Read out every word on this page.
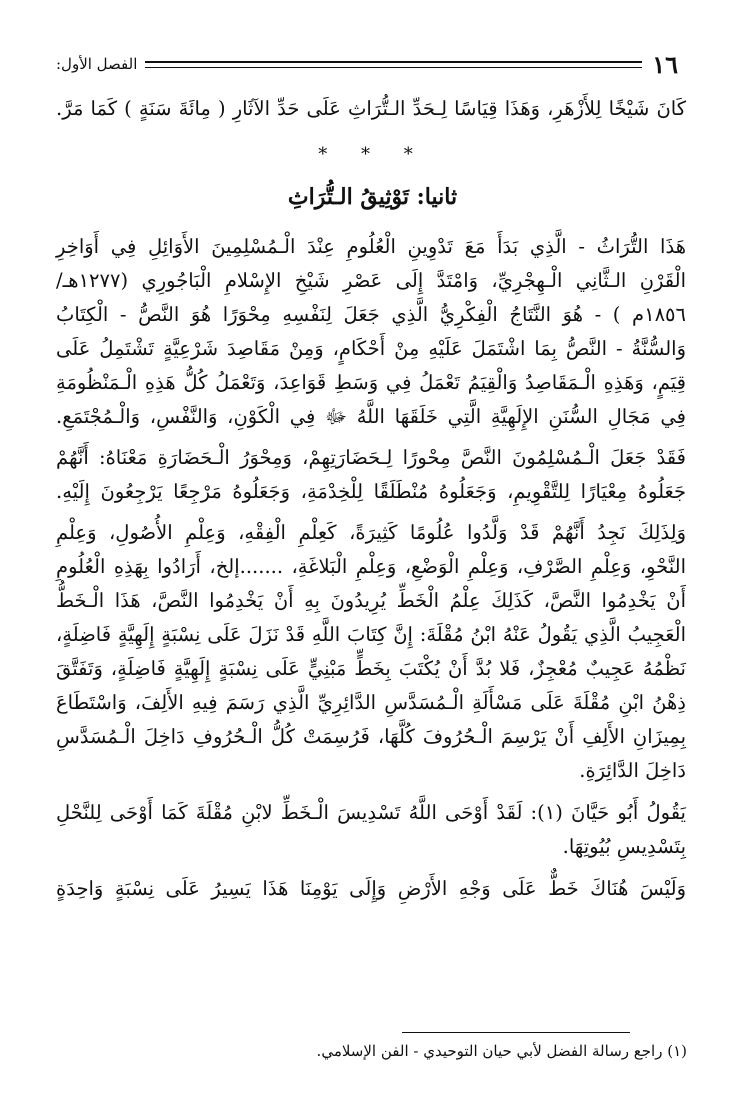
١٦
الفصل الأول:
كَانَ شَيْخًا لِلأَزْهَرِ، وَهَذَا قِيَاسًا لِـحَدِّ الـتُّرَاثِ عَلَى حَدِّ الآثَارِ ( مِائَةَ سَنَةٍ ) كَمَا مَرَّ.
هَذَا التُّرَاثُ - الَّذِي بَدَأَ مَعَ تَدْوِينِ الْعُلُومِ عِنْدَ الْـمُسْلِمِينَ الأَوَائِلِ فِي أَوَاخِرِ
الْقَرْنِ الـثَّانِي الْـهِجْرِيِّ، وَامْتَدَّ إِلَى عَصْرِ شَيْخِ الإِسْلامِ الْبَاجُورِي (١٢٧٧هـ/
١٨٥٦م ) - هُوَ النَّتَاجُ الْفِكْرِيُّ الَّذِي جَعَلَ لِنَفْسِهِ مِحْوَرًا هُوَ النَّصُّ - الْكِتَابُ
وَالسُّنَّةُ - النَّصُّ بِمَا اشْتَمَلَ عَلَيْهِ مِنْ أَحْكَامٍ، وَمِنْ مَقَاصِدَ شَرْعِيَّةٍ تَشْتَمِلُ عَلَى
قِيَمٍ، وَهَذِهِ الْـمَقَاصِدُ وَالْقِيَمُ تَعْمَلُ فِي وَسَطِ قَوَاعِدَ، وَتَعْمَلُ كُلُّ هَذِهِ الْـمَنْظُومَةِ
فِي مَجَالِ السُّنَنِ الإِلَهِيَّةِ الَّتِي خَلَقَهَا اللَّهُ ﷻ فِي الْكَوْنِ، وَالنَّفْسِ، وَالْـمُجْتَمَعِ.
فَقَدْ جَعَلَ الْـمُسْلِمُونَ النَّصَّ مِحْورًا لِـحَضَارَتِهِمْ، وَمِحْوَرُ الْـحَضَارَةِ مَعْنَاهُ: أَنَّهُمْ
جَعَلُوهُ مِعْيَارًا لِلتَّقْوِيمِ، وَجَعَلُوهُ مُنْطَلَقًا لِلْخِدْمَةِ، وَجَعَلُوهُ مَرْجِعًا يَرْجِعُونَ إِلَيْهِ.
وَلِذَلِكَ نَجِدُ أَنَّهُمْ قَدْ وَلَّدُوا عُلُومًا كَثِيرَةً، كَعِلْمِ الْفِقْهِ، وَعِلْمِ الأُصُولِ، وَعِلْمِ
النَّحْوِ، وَعِلْمِ الصَّرْفِ، وَعِلْمِ الْوَضْعِ، وَعِلْمِ الْبَلاغَةِ، .......إلخ، أَرَادُوا بِهَذِهِ الْعُلُومِ
أَنْ يَخْدِمُوا النَّصَّ، كَذَلِكَ عِلْمُ الْخَطِّ يُرِيدُونَ بِهِ أَنْ يَخْدِمُوا النَّصَّ، هَذَا الْـخَطُّ
الْعَجِيبُ الَّذِي يَقُولُ عَنْهُ ابْنُ مُقْلَةَ: إِنَّ كِتَابَ اللَّهِ قَدْ نَزَلَ عَلَى نِسْبَةٍ إِلَهِيَّةٍ فَاضِلَةٍ،
نَظْمُهُ عَجِيبٌ مُعْجِزٌ، فَلا بُدَّ أَنْ يُكْتَبَ بِخَطٍّ مَبْنِيٍّ عَلَى نِسْبَةٍ إِلَهِيَّةٍ فَاضِلَةٍ، وَتَفَتَّقَ
ذِهْنُ ابْنِ مُقْلَةَ عَلَى مَسْأَلَةِ الْـمُسَدَّسِ الدَّائِرِيِّ الَّذِي رَسَمَ فِيهِ الأَلِفَ، وَاسْتَطَاعَ
بِمِيزَانِ الأَلِفِ أَنْ يَرْسِمَ الْـحُرُوفَ كُلَّهَا، فَرُسِمَتْ كُلُّ الْـحُرُوفِ دَاخِلَ الْـمُسَدَّسِ
دَاخِلَ الدَّائِرَةِ.
يَقُولُ أَبُو حَيَّانَ (١): لَقَدْ أَوْحَى اللَّهُ تَسْدِيسَ الْـخَطِّ لابْنِ مُقْلَةَ كَمَا أَوْحَى لِلنَّحْلِ
بِتَسْدِيسِ بُيُوتِهَا.
وَلَيْسَ هُنَاكَ خَطٌّ عَلَى وَجْهِ الأَرْضِ وَإِلَى يَوْمِنَا هَذَا يَسِيرُ عَلَى نِسْبَةٍ وَاحِدَةٍ
* * *
ثانيا: تَوْثِيقُ الـتُّرَاثِ
(١) راجع رسالة الفضل لأبي حيان التوحيدي - الفن الإسلامي.
